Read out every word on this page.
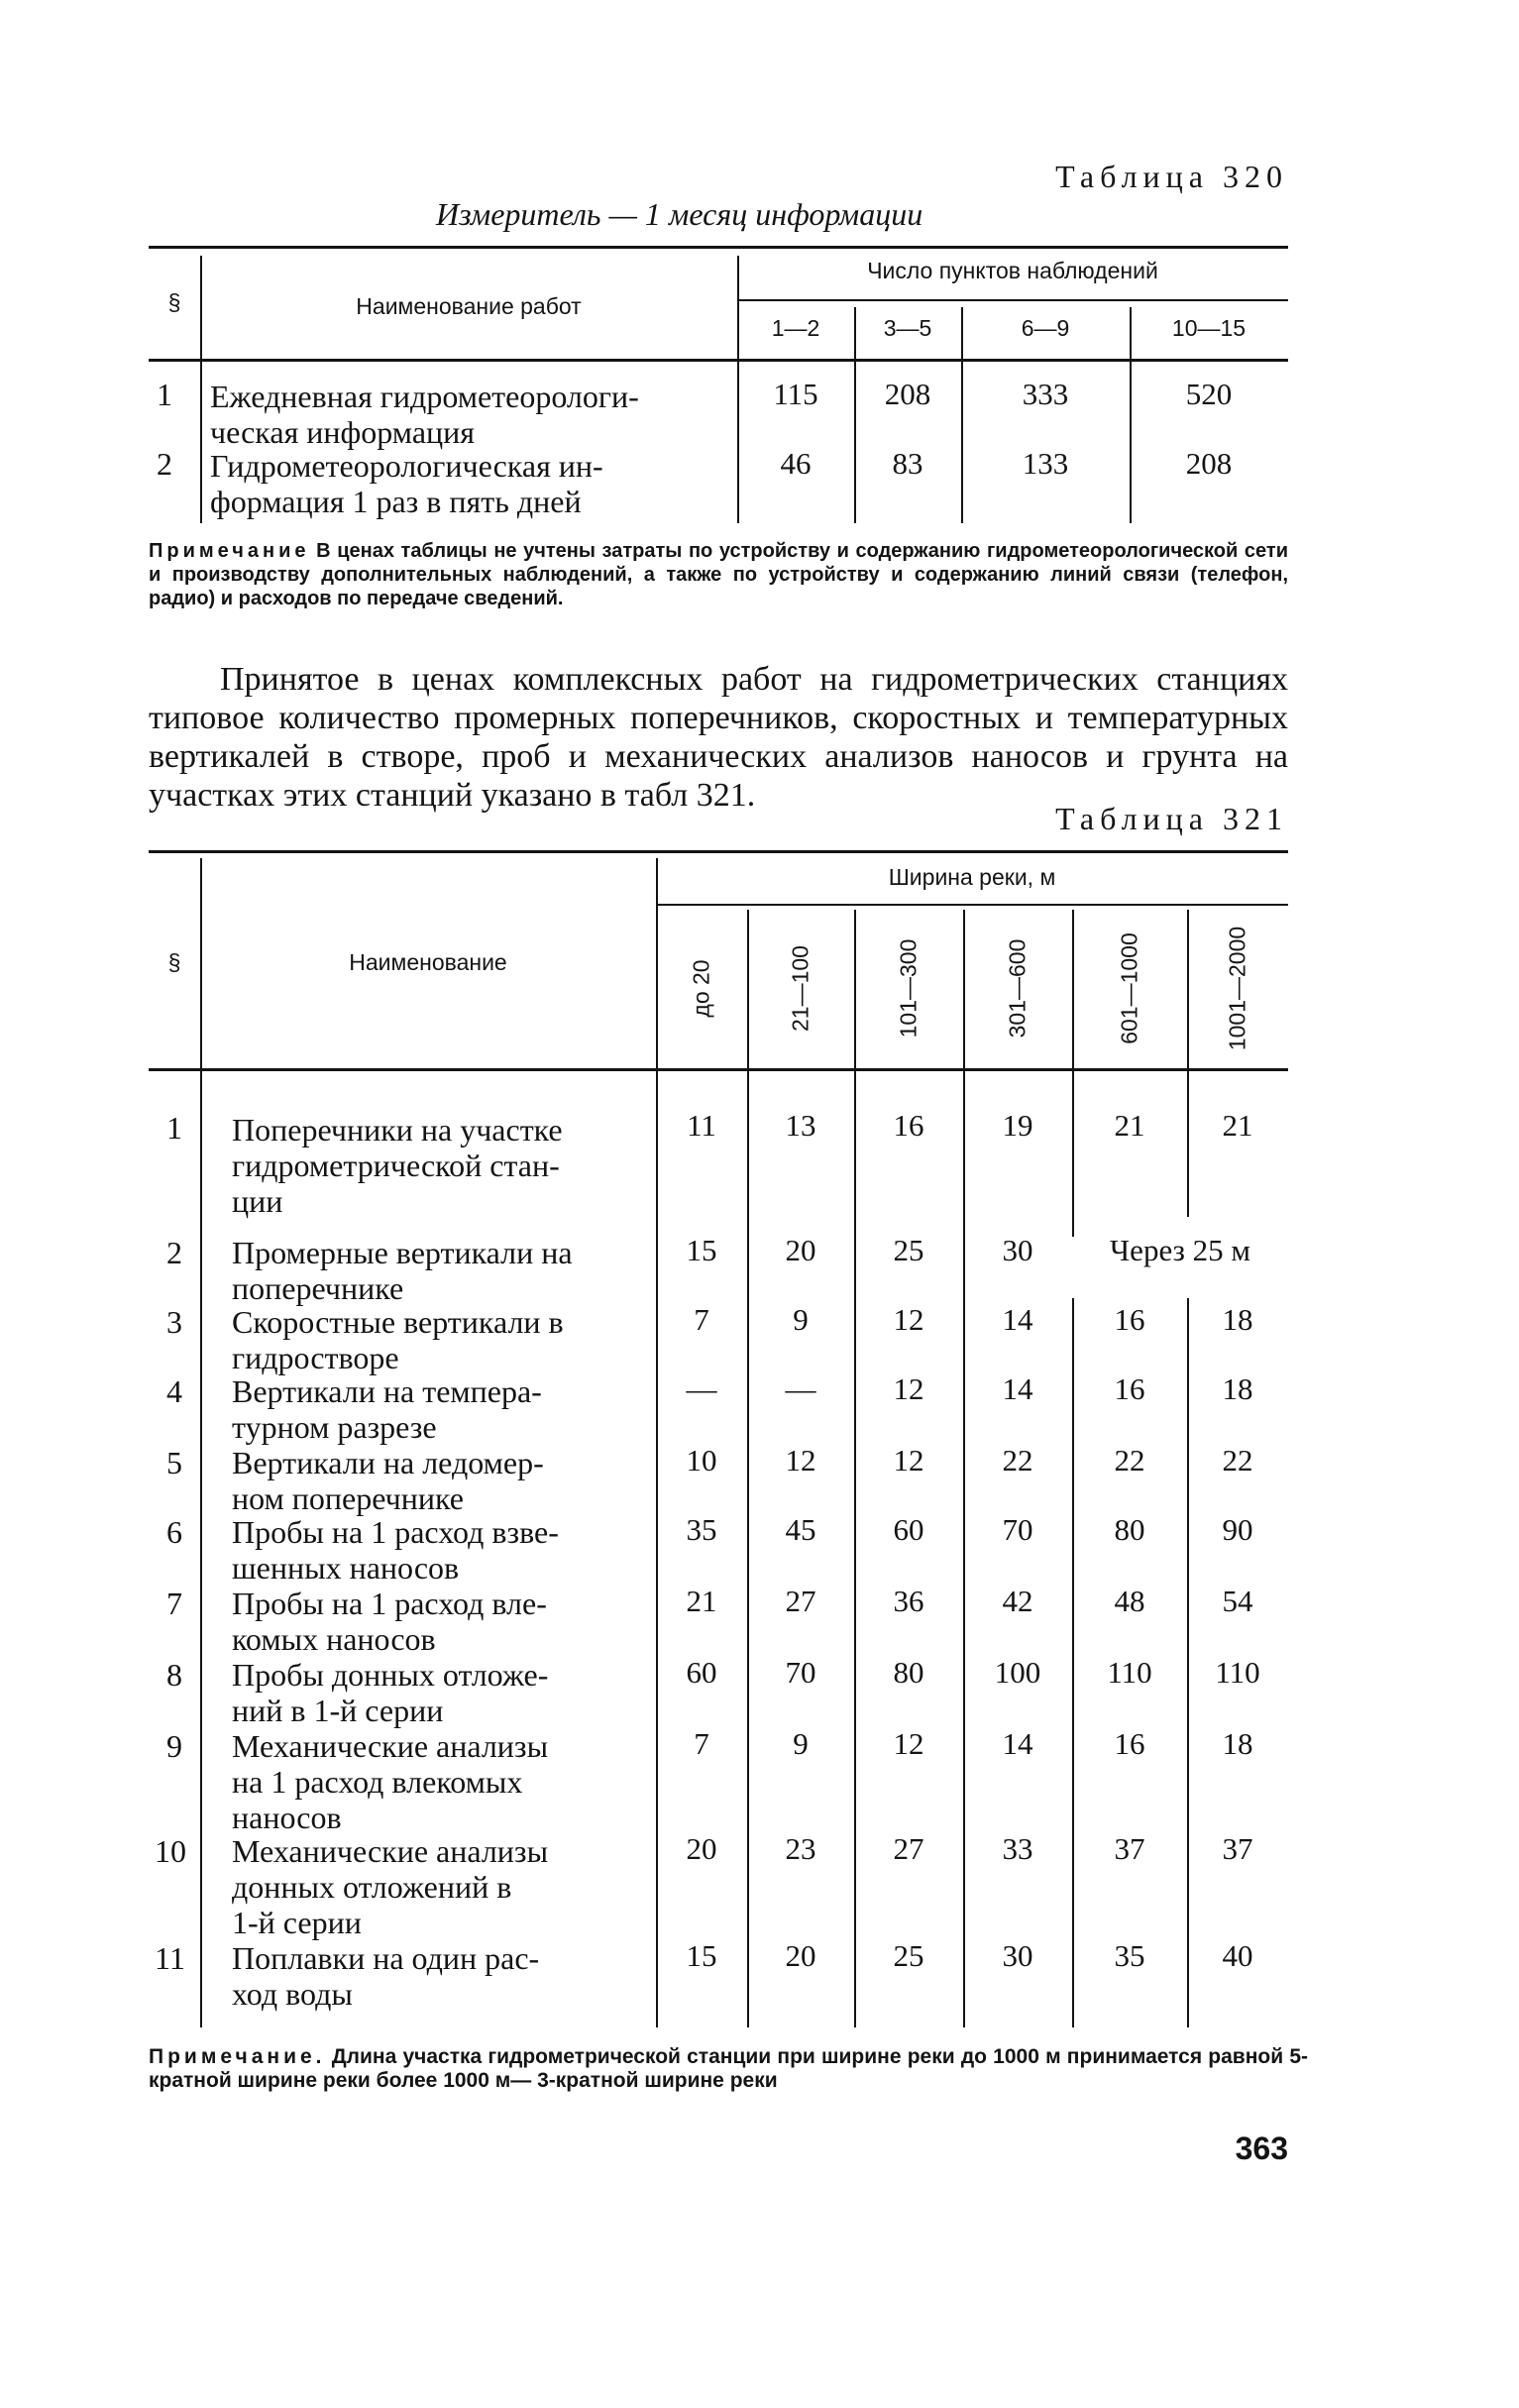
Таблица 320
Измеритель — 1 месяц информации
§	Наименование работ
Число пунктов наблюдений
1—2	3—5	6—9	10—15
1 Ежедневная гидрометеорологи-
ческая информация
115	208	333	520
2 Гидрометеорологическая ин-
формация 1 раз в пять дней
46	83	133	208
Примечание В ценах таблицы не учтены затраты по устройству и содержанию гидрометеорологической сети и производству дополнительных наблюдений, а также по устройству и содержанию линий связи (телефон, радио) и расходов по передаче сведений.
Принятое в ценах комплексных работ на гидрометрических станциях типовое количество промерных поперечников, скоростных и температурных вертикалей в створе, проб и механических анализов наносов и грунта на участках этих станций указано в табл 321.
Таблица 321
§	Наименование
Ширина реки, м
до 20	21—100	101—300	301—600	601—1000	1001—2000
1 Поперечники на участке
гидрометрической стан-
ции
11	13	16	19	21	21
2 Промерные вертикали на
поперечнике
15	20	25	30	Через 25 м
3 Скоростные вертикали в
гидростворе
7	9	12	14	16	18
4 Вертикали на темпера-
турном разрезе
—	—	12	14	16	18
5 Вертикали на ледомер-
ном поперечнике
10	12	12	22	22	22
6 Пробы на 1 расход взве-
шенных наносов
35	45	60	70	80	90
7 Пробы на 1 расход вле-
комых наносов
21	27	36	42	48	54
8 Пробы донных отложе-
ний в 1-й серии
60	70	80	100	110	110
9 Механические анализы
на 1 расход влекомых
наносов
7	9	12	14	16	18
10 Механические анализы
донных отложений в
1-й серии
20	23	27	33	37	37
11 Поплавки на один рас-
ход воды
15	20	25	30	35	40
Примечание. Длина участка гидрометрической станции при ширине реки до 1000 м принимается равной 5-кратной ширине реки более 1000 м— 3-кратной ширине реки
363
